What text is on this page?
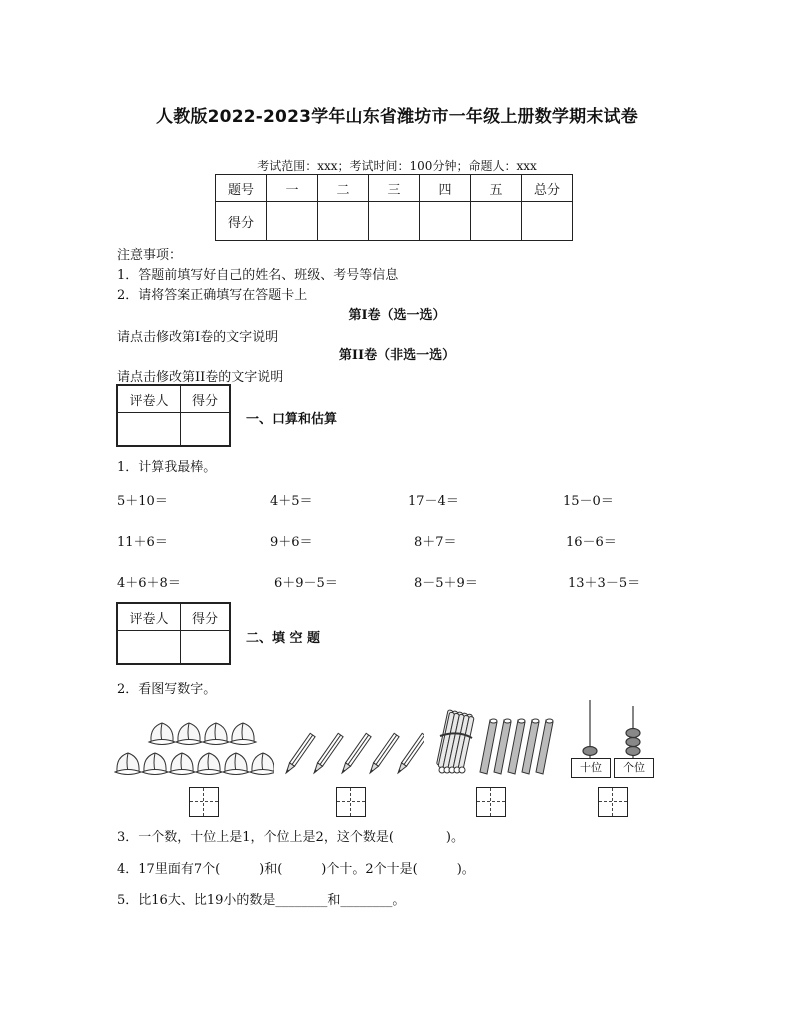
人教版2022-2023学年山东省潍坊市一年级上册数学期末试卷
考试范围：xxx；考试时间：100分钟；命题人：xxx
题号	一	二	三	四	五	总分
得分						
注意事项：
1．答题前填写好自己的姓名、班级、考号等信息
2．请将答案正确填写在答题卡上
第I卷（选一选）
请点击修改第I卷的文字说明
第II卷（非选一选）
请点击修改第II卷的文字说明
评卷人	得分

一、口算和估算
1．计算我最棒。
5＋10＝	4＋5＝	17－4＝	15－0＝
11＋6＝	9＋6＝	8＋7＝	16－6＝
4＋6＋8＝	6＋9－5＝	8－5＋9＝	13＋3－5＝
评卷人	得分

二、填 空 题
2．看图写数字。
十位	个位
3．一个数，十位上是1，个位上是2，这个数是(　　　　)。
4．17里面有7个(　　　)和(　　　)个十。2个十是(　　　)。
5．比16大、比19小的数是________和________。
